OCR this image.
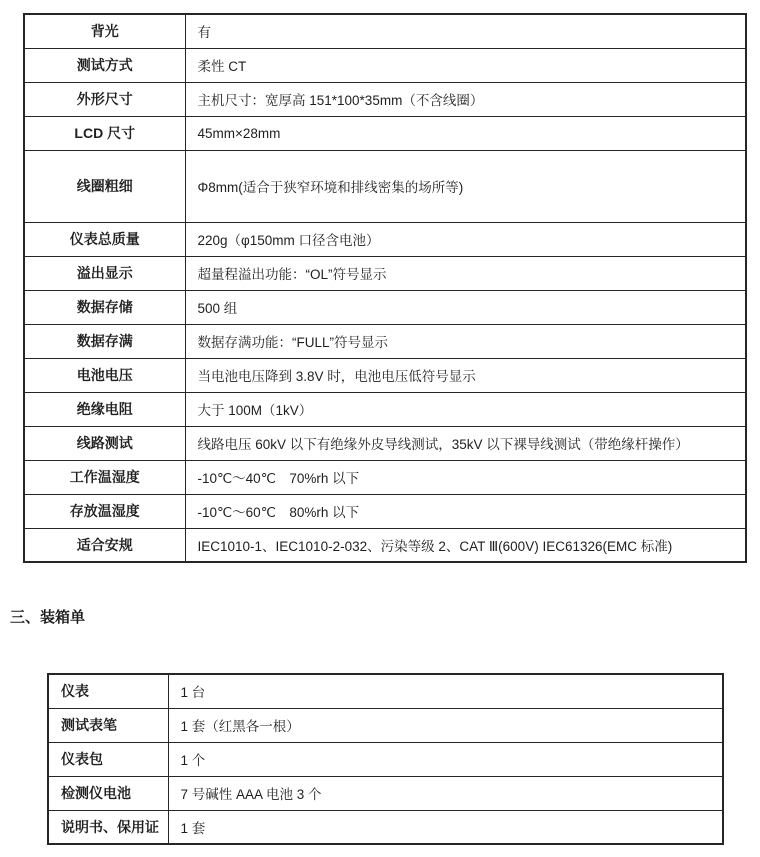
背光	有
测试方式	柔性 CT
外形尺寸	主机尺寸：宽厚高 151*100*35mm（不含线圈）
LCD 尺寸	45mm×28mm
线圈粗细	Φ8mm(适合于狭窄环境和排线密集的场所等)
仪表总质量	220g（φ150mm 口径含电池）
溢出显示	超量程溢出功能：“OL”符号显示
数据存储	500 组
数据存满	数据存满功能：“FULL”符号显示
电池电压	当电池电压降到 3.8V 时，电池电压低符号显示
绝缘电阻	大于 100M（1kV）
线路测试	线路电压 60kV 以下有绝缘外皮导线测试，35kV 以下裸导线测试（带绝缘杆操作）
工作温湿度	-10℃～40℃　70%rh 以下
存放温湿度	-10℃～60℃　80%rh 以下
适合安规	IEC1010-1、IEC1010-2-032、污染等级 2、CAT Ⅲ(600V) IEC61326(EMC 标准)
三、装箱单
仪表	1 台
测试表笔	1 套（红黑各一根）
仪表包	1 个
检测仪电池	7 号碱性 AAA 电池 3 个
说明书、保用证	1 套
